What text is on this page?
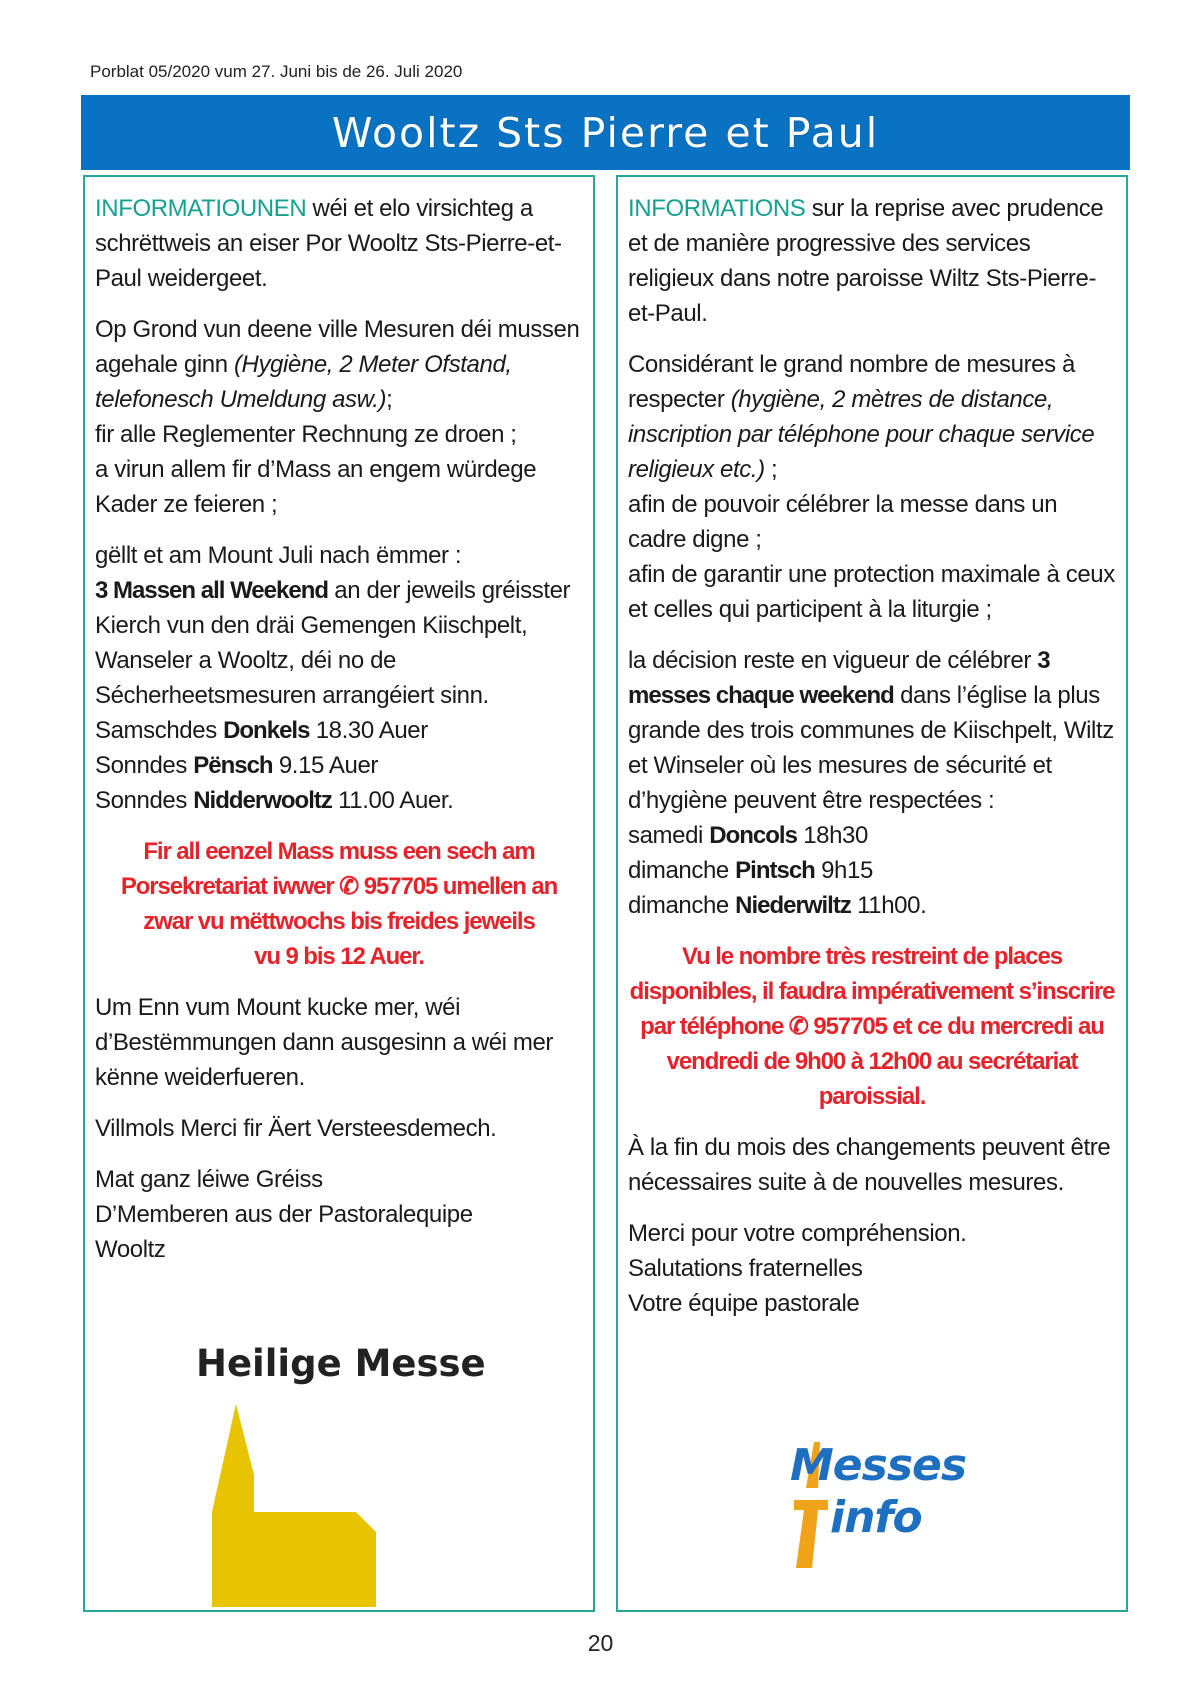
Porblat 05/2020 vum 27. Juni bis de 26. Juli 2020
Wooltz Sts Pierre et Paul

INFORMATIOUNEN wéi et elo virsichteg a schrëttweis an eiser Por Wooltz Sts-Pierre-et-Paul weidergeet.

Op Grond vun deene ville Mesuren déi mussen agehale ginn (Hygiène, 2 Meter Ofstand, telefonesch Umeldung asw.);
fir alle Reglementer Rechnung ze droen ;
a virun allem fir d’Mass an engem würdege Kader ze feieren ;

gëllt et am Mount Juli nach ëmmer :
3 Massen all Weekend an der jeweils gréisster Kierch vun den dräi Gemengen Kiischpelt, Wanseler a Wooltz, déi no de Sécherheetsmesuren arrangéiert sinn.
Samschdes Donkels 18.30 Auer
Sonndes Pënsch 9.15 Auer
Sonndes Nidderwooltz 11.00 Auer.

Fir all eenzel Mass muss een sech am Porsekretariat iwwer ✆ 957705 umellen an zwar vu mëttwochs bis freides jeweils
vu 9 bis 12 Auer.

Um Enn vum Mount kucke mer, wéi d’Bestëmmungen dann ausgesinn a wéi mer kënne weiderfueren.

Villmols Merci fir Äert Versteesdemech.

Mat ganz léiwe Gréiss
D’Memberen aus der Pastoralequipe
Wooltz

INFORMATIONS sur la reprise avec prudence et de manière progressive des services religieux dans notre paroisse Wiltz Sts-Pierre-et-Paul.

Considérant le grand nombre de mesures à respecter (hygiène, 2 mètres de distance, inscription par téléphone pour chaque service religieux etc.) ;
afin de pouvoir célébrer la messe dans un cadre digne ;
afin de garantir une protection maximale à ceux et celles qui participent à la liturgie ;

la décision reste en vigueur de célébrer 3 messes chaque weekend dans l’église la plus grande des trois communes de Kiischpelt, Wiltz et Winseler où les mesures de sécurité et d’hygiène peuvent être respectées :
samedi Doncols 18h30
dimanche Pintsch 9h15
dimanche Niederwiltz 11h00.

Vu le nombre très restreint de places disponibles, il faudra impérativement s’inscrire par téléphone ✆ 957705 et ce du mercredi au vendredi de 9h00 à 12h00 au secrétariat paroissial.

À la fin du mois des changements peuvent être nécessaires suite à de nouvelles mesures.

Merci pour votre compréhension.
Salutations fraternelles
Votre équipe pastorale

Heilige Messe
Messes
info
20
